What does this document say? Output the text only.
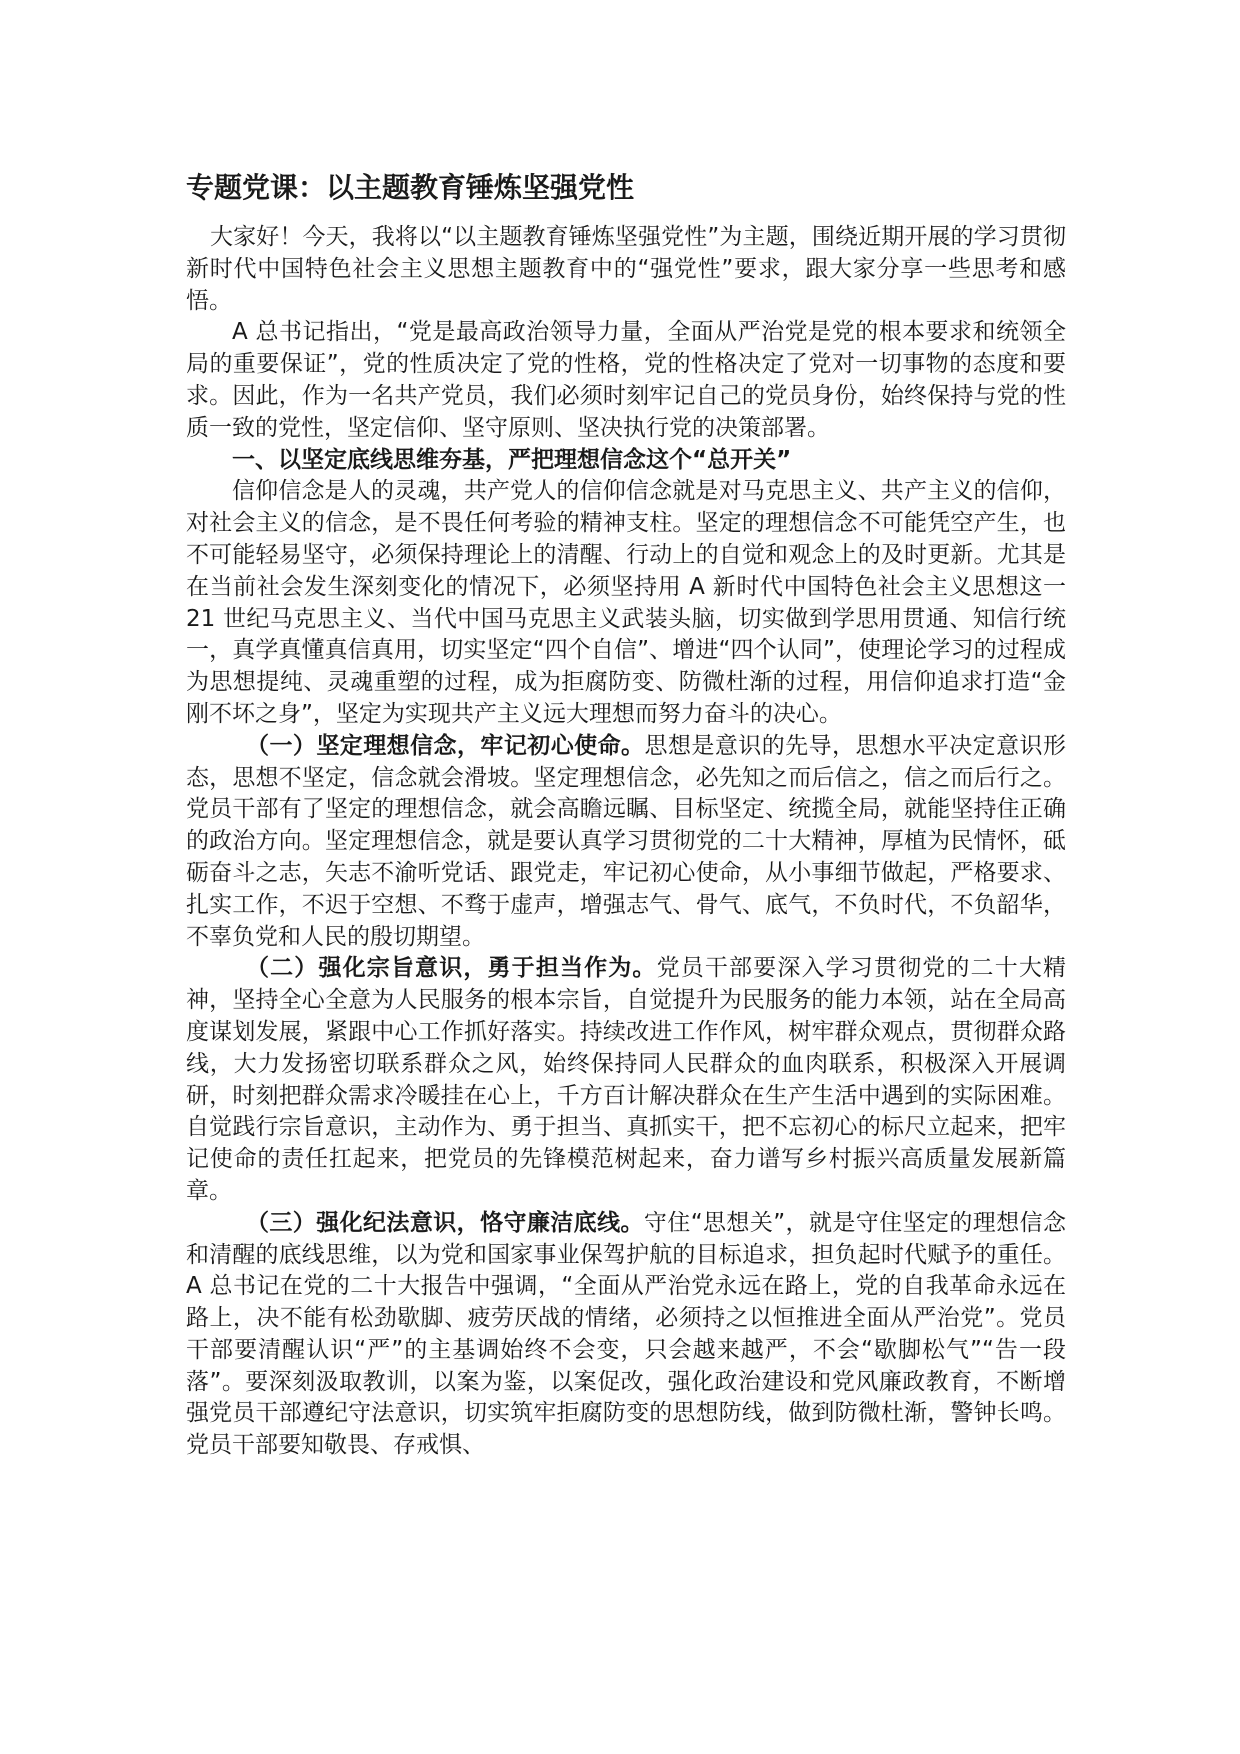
专题党课：以主题教育锤炼坚强党性

大家好！今天，我将以“以主题教育锤炼坚强党性”为主题，围绕近期开展的学习贯彻新时代中国特色社会主义思想主题教育中的“强党性”要求，跟大家分享一些思考和感悟。

A 总书记指出，“党是最高政治领导力量，全面从严治党是党的根本要求和统领全局的重要保证”，党的性质决定了党的性格，党的性格决定了党对一切事物的态度和要求。因此，作为一名共产党员，我们必须时刻牢记自己的党员身份，始终保持与党的性质一致的党性，坚定信仰、坚守原则、坚决执行党的决策部署。

一、以坚定底线思维夯基，严把理想信念这个“总开关”

信仰信念是人的灵魂，共产党人的信仰信念就是对马克思主义、共产主义的信仰，对社会主义的信念，是不畏任何考验的精神支柱。坚定的理想信念不可能凭空产生，也不可能轻易坚守，必须保持理论上的清醒、行动上的自觉和观念上的及时更新。尤其是在当前社会发生深刻变化的情况下，必须坚持用 A 新时代中国特色社会主义思想这一 21 世纪马克思主义、当代中国马克思主义武装头脑，切实做到学思用贯通、知信行统一，真学真懂真信真用，切实坚定“四个自信”、增进“四个认同”，使理论学习的过程成为思想提纯、灵魂重塑的过程，成为拒腐防变、防微杜渐的过程，用信仰追求打造“金刚不坏之身”，坚定为实现共产主义远大理想而努力奋斗的决心。

（一）坚定理想信念，牢记初心使命。思想是意识的先导，思想水平决定意识形态，思想不坚定，信念就会滑坡。坚定理想信念，必先知之而后信之，信之而后行之。党员干部有了坚定的理想信念，就会高瞻远瞩、目标坚定、统揽全局，就能坚持住正确的政治方向。坚定理想信念，就是要认真学习贯彻党的二十大精神，厚植为民情怀，砥砺奋斗之志，矢志不渝听党话、跟党走，牢记初心使命，从小事细节做起，严格要求、扎实工作，不迟于空想、不骛于虚声，增强志气、骨气、底气，不负时代，不负韶华，不辜负党和人民的殷切期望。

（二）强化宗旨意识，勇于担当作为。党员干部要深入学习贯彻党的二十大精神，坚持全心全意为人民服务的根本宗旨，自觉提升为民服务的能力本领，站在全局高度谋划发展，紧跟中心工作抓好落实。持续改进工作作风，树牢群众观点，贯彻群众路线，大力发扬密切联系群众之风，始终保持同人民群众的血肉联系，积极深入开展调研，时刻把群众需求冷暖挂在心上，千方百计解决群众在生产生活中遇到的实际困难。自觉践行宗旨意识，主动作为、勇于担当、真抓实干，把不忘初心的标尺立起来，把牢记使命的责任扛起来，把党员的先锋模范树起来，奋力谱写乡村振兴高质量发展新篇章。

（三）强化纪法意识，恪守廉洁底线。守住“思想关”，就是守住坚定的理想信念和清醒的底线思维，以为党和国家事业保驾护航的目标追求，担负起时代赋予的重任。A 总书记在党的二十大报告中强调，“全面从严治党永远在路上，党的自我革命永远在路上，决不能有松劲歇脚、疲劳厌战的情绪，必须持之以恒推进全面从严治党”。党员干部要清醒认识“严”的主基调始终不会变，只会越来越严，不会“歇脚松气”“告一段落”。要深刻汲取教训，以案为鉴，以案促改，强化政治建设和党风廉政教育，不断增强党员干部遵纪守法意识，切实筑牢拒腐防变的思想防线，做到防微杜渐，警钟长鸣。党员干部要知敬畏、存戒惧、
